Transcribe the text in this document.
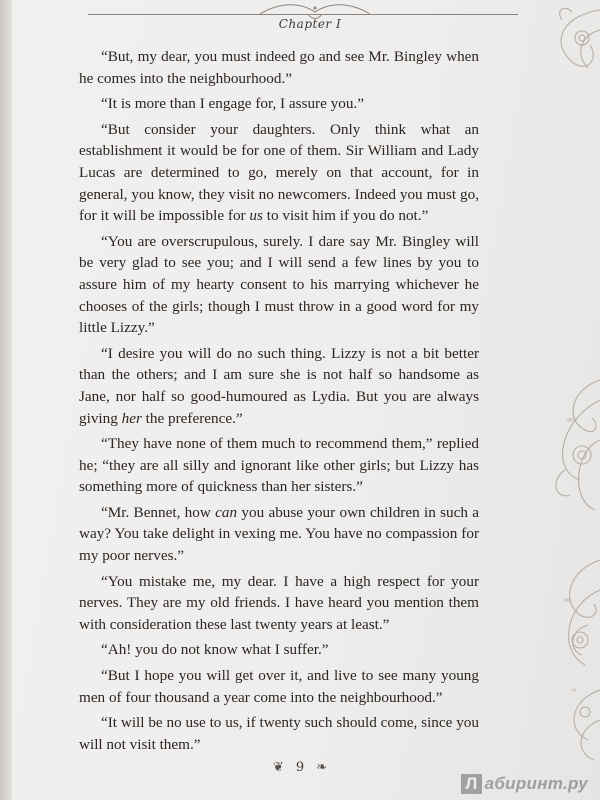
Chapter I

“But, my dear, you must indeed go and see Mr. Bingley when he comes into the neighbourhood.”

“It is more than I engage for, I assure you.”

“But consider your daughters. Only think what an establishment it would be for one of them. Sir William and Lady Lucas are determined to go, merely on that account, for in general, you know, they visit no newcomers. Indeed you must go, for it will be impossible for us to visit him if you do not.”

“You are overscrupulous, surely. I dare say Mr. Bingley will be very glad to see you; and I will send a few lines by you to assure him of my hearty consent to his marrying whichever he chooses of the girls; though I must throw in a good word for my little Lizzy.”

“I desire you will do no such thing. Lizzy is not a bit better than the others; and I am sure she is not half so handsome as Jane, nor half so good-humoured as Lydia. But you are always giving her the preference.”

“They have none of them much to recommend them,” replied he; “they are all silly and ignorant like other girls; but Lizzy has something more of quickness than her sisters.”

“Mr. Bennet, how can you abuse your own children in such a way? You take delight in vexing me. You have no compassion for my poor nerves.”

“You mistake me, my dear. I have a high respect for your nerves. They are my old friends. I have heard you mention them with consideration these last twenty years at least.”

“Ah! you do not know what I suffer.”

“But I hope you will get over it, and live to see many young men of four thousand a year come into the neighbourhood.”

“It will be no use to us, if twenty such should come, since you will not visit them.”

❦ 9 ❧
Л абиринт.ру
